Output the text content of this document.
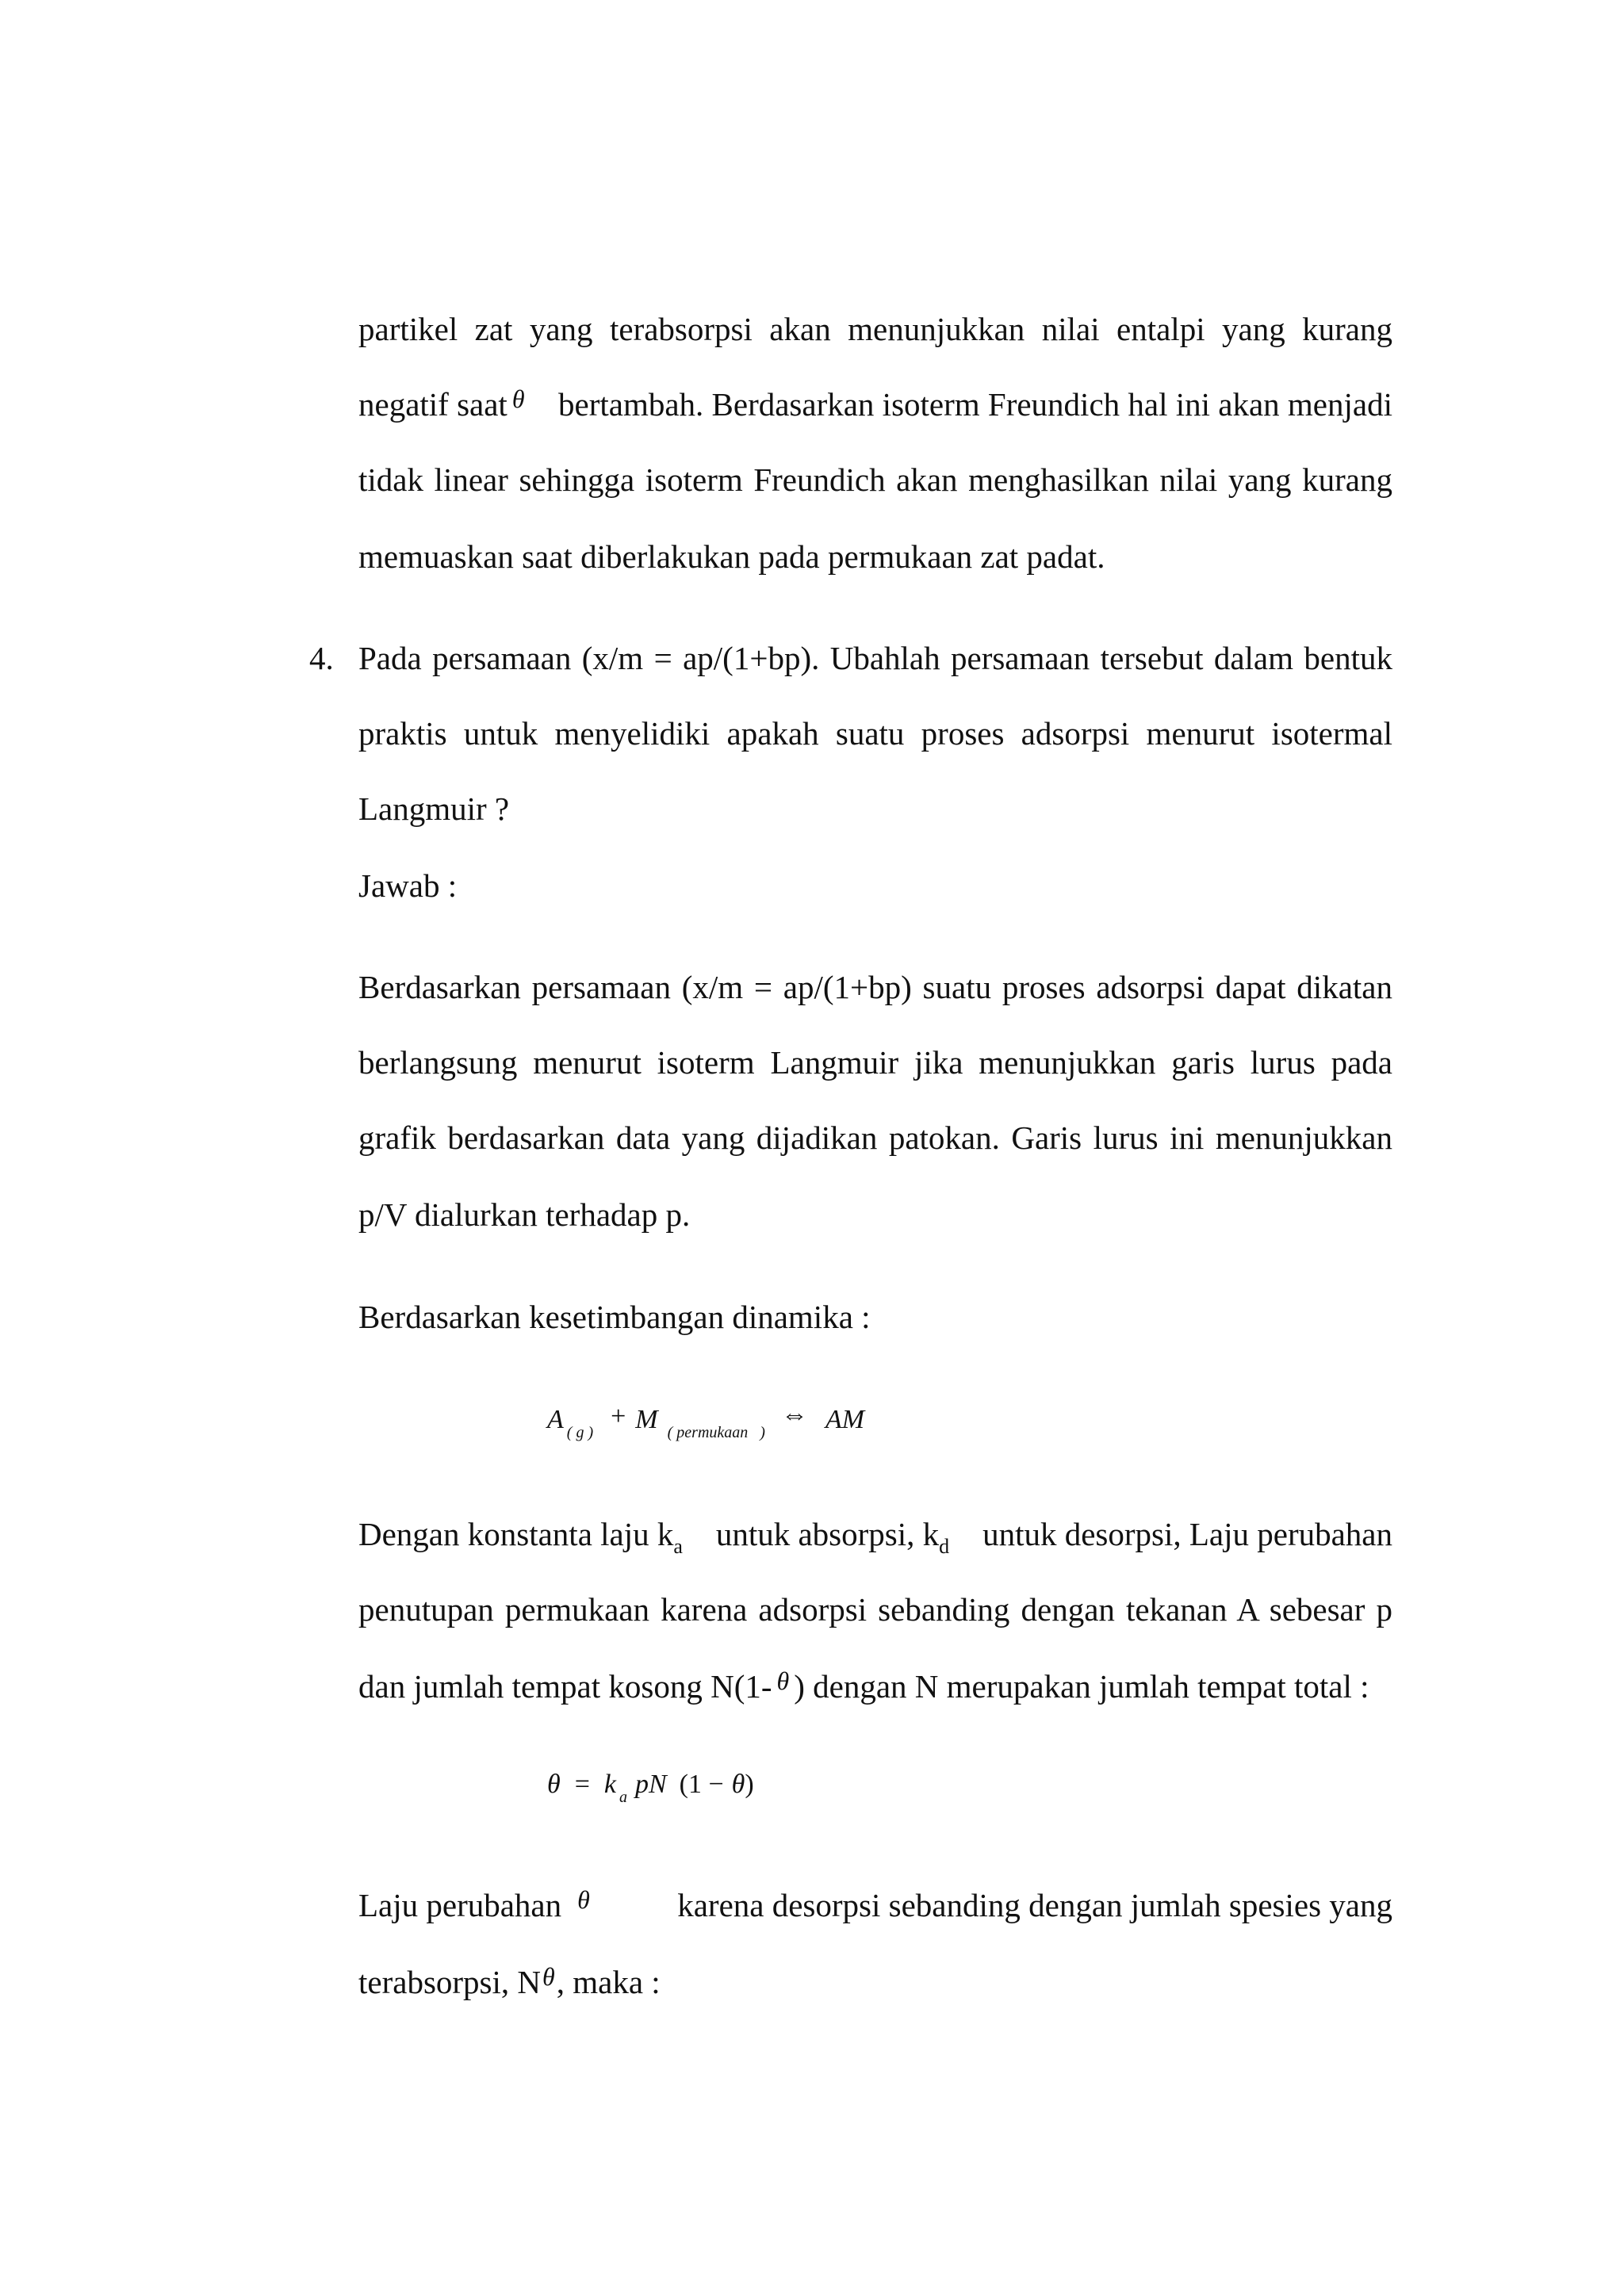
partikel zat yang terabsorpsi akan menunjukkan nilai entalpi yang kurang
negatif saat $^\theta$ bertambah. Berdasarkan isoterm Freundich hal ini akan menjadi
tidak linear sehingga isoterm Freundich akan menghasilkan nilai yang kurang
memuaskan saat diberlakukan pada permukaan zat padat.
4. Pada persamaan (x/m = ap/(1+bp). Ubahlah persamaan tersebut dalam bentuk
praktis untuk menyelidiki apakah suatu proses adsorpsi menurut isotermal
Langmuir ?
Jawab :
Berdasarkan persamaan (x/m = ap/(1+bp) suatu proses adsorpsi dapat dikatan
berlangsung menurut isoterm Langmuir jika menunjukkan garis lurus pada
grafik berdasarkan data yang dijadikan patokan. Garis lurus ini menunjukkan
p/V dialurkan terhadap p.
Berdasarkan kesetimbangan dinamika :
A ( g ) + M ( permukaan   ) ⇔ AM
Dengan konstanta laju $k_a$ untuk absorpsi, $k_d$ untuk desorpsi, Laju perubahan
penutupan permukaan karena adsorpsi sebanding dengan tekanan A sebesar p
dan jumlah tempat kosong N(1- $^\theta$ ) dengan N merupakan jumlah tempat total :
θ = k a pN (1 − θ)
Laju perubahan $^\theta$	karena desorpsi sebanding dengan jumlah spesies yang
terabsorpsi, $N^\theta$, maka :
